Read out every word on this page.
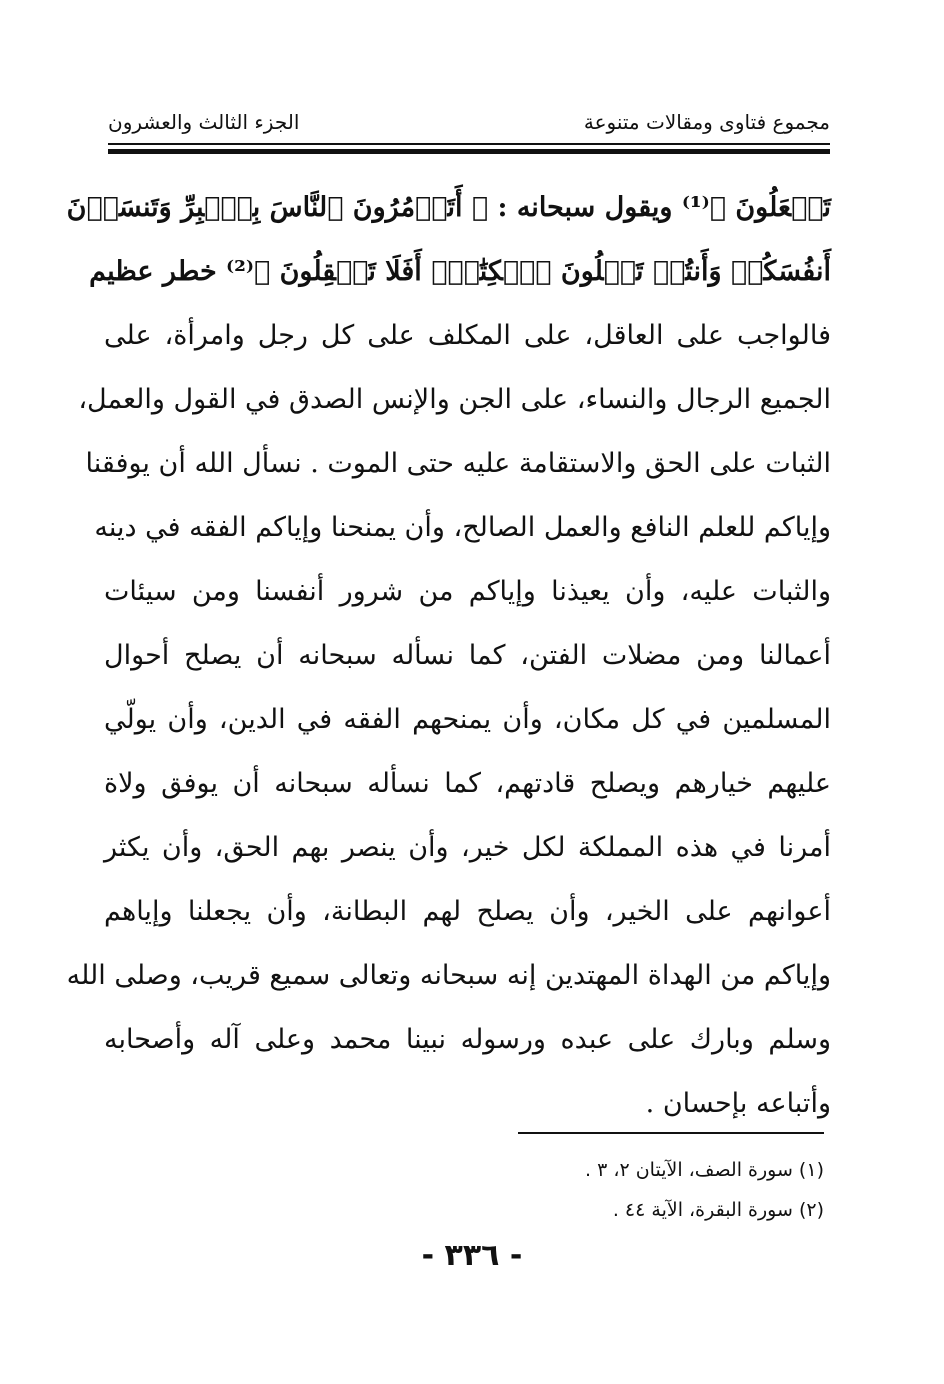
مجموع فتاوى ومقالات متنوعة
الجزء الثالث والعشرون
تَفۡعَلُونَ ﴾⁽¹⁾ ويقول سبحانه : ﴿ أَتَأۡمُرُونَ ٱلنَّاسَ بِٱلۡبِرِّ وَتَنسَوۡنَ
أَنفُسَكُمۡ وَأَنتُمۡ تَتۡلُونَ ٱلۡكِتَٰبَۚ أَفَلَا تَعۡقِلُونَ ﴾⁽²⁾ خطر عظيم
فالواجب على العاقل، على المكلف على كل رجل وامرأة، على
الجميع الرجال والنساء، على الجن والإنس الصدق في القول والعمل،
الثبات على الحق والاستقامة عليه حتى الموت . نسأل الله أن يوفقنا
وإياكم للعلم النافع والعمل الصالح، وأن يمنحنا وإياكم الفقه في دينه
والثبات عليه، وأن يعيذنا وإياكم من شرور أنفسنا ومن سيئات
أعمالنا ومن مضلات الفتن، كما نسأله سبحانه أن يصلح أحوال
المسلمين في كل مكان، وأن يمنحهم الفقه في الدين، وأن يولّي
عليهم خيارهم ويصلح قادتهم، كما نسأله سبحانه أن يوفق ولاة
أمرنا في هذه المملكة لكل خير، وأن ينصر بهم الحق، وأن يكثر
أعوانهم على الخير، وأن يصلح لهم البطانة، وأن يجعلنا وإياهم
وإياكم من الهداة المهتدين إنه سبحانه وتعالى سميع قريب، وصلى الله
وسلم وبارك على عبده ورسوله نبينا محمد وعلى آله وأصحابه
وأتباعه بإحسان .
(١) سورة الصف، الآيتان ٢، ٣ .
(٢) سورة البقرة، الآية ٤٤ .
- ٣٣٦ -
